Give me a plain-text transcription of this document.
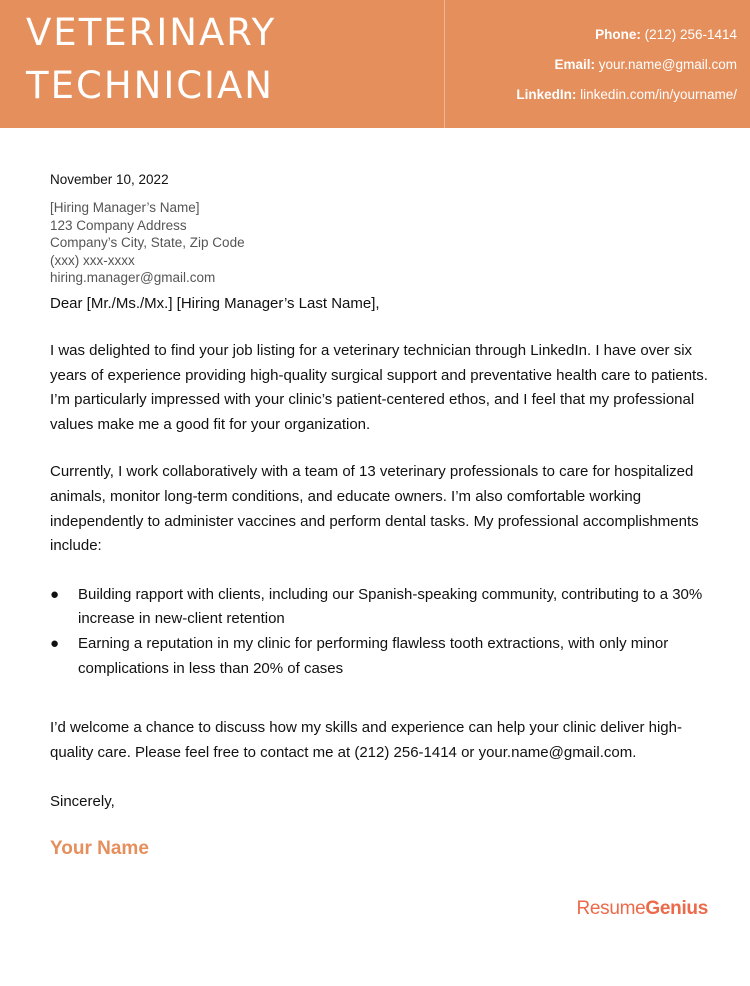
VETERINARY
TECHNICIAN
Phone: (212) 256-1414
Email: your.name@gmail.com
LinkedIn: linkedin.com/in/yourname/

November 10, 2022

[Hiring Manager’s Name]
123 Company Address
Company’s City, State, Zip Code
(xxx) xxx-xxxx
hiring.manager@gmail.com

Dear [Mr./Ms./Mx.] [Hiring Manager’s Last Name],

I was delighted to find your job listing for a veterinary technician through LinkedIn. I have over six years of experience providing high-quality surgical support and preventative health care to patients. I’m particularly impressed with your clinic’s patient-centered ethos, and I feel that my professional values make me a good fit for your organization.

Currently, I work collaboratively with a team of 13 veterinary professionals to care for hospitalized animals, monitor long-term conditions, and educate owners. I’m also comfortable working independently to administer vaccines and perform dental tasks. My professional accomplishments include:

● Building rapport with clients, including our Spanish-speaking community, contributing to a 30% increase in new-client retention
● Earning a reputation in my clinic for performing flawless tooth extractions, with only minor complications in less than 20% of cases

I’d welcome a chance to discuss how my skills and experience can help your clinic deliver high-quality care. Please feel free to contact me at (212) 256-1414 or your.name@gmail.com.

Sincerely,

Your Name

ResumeGenius
